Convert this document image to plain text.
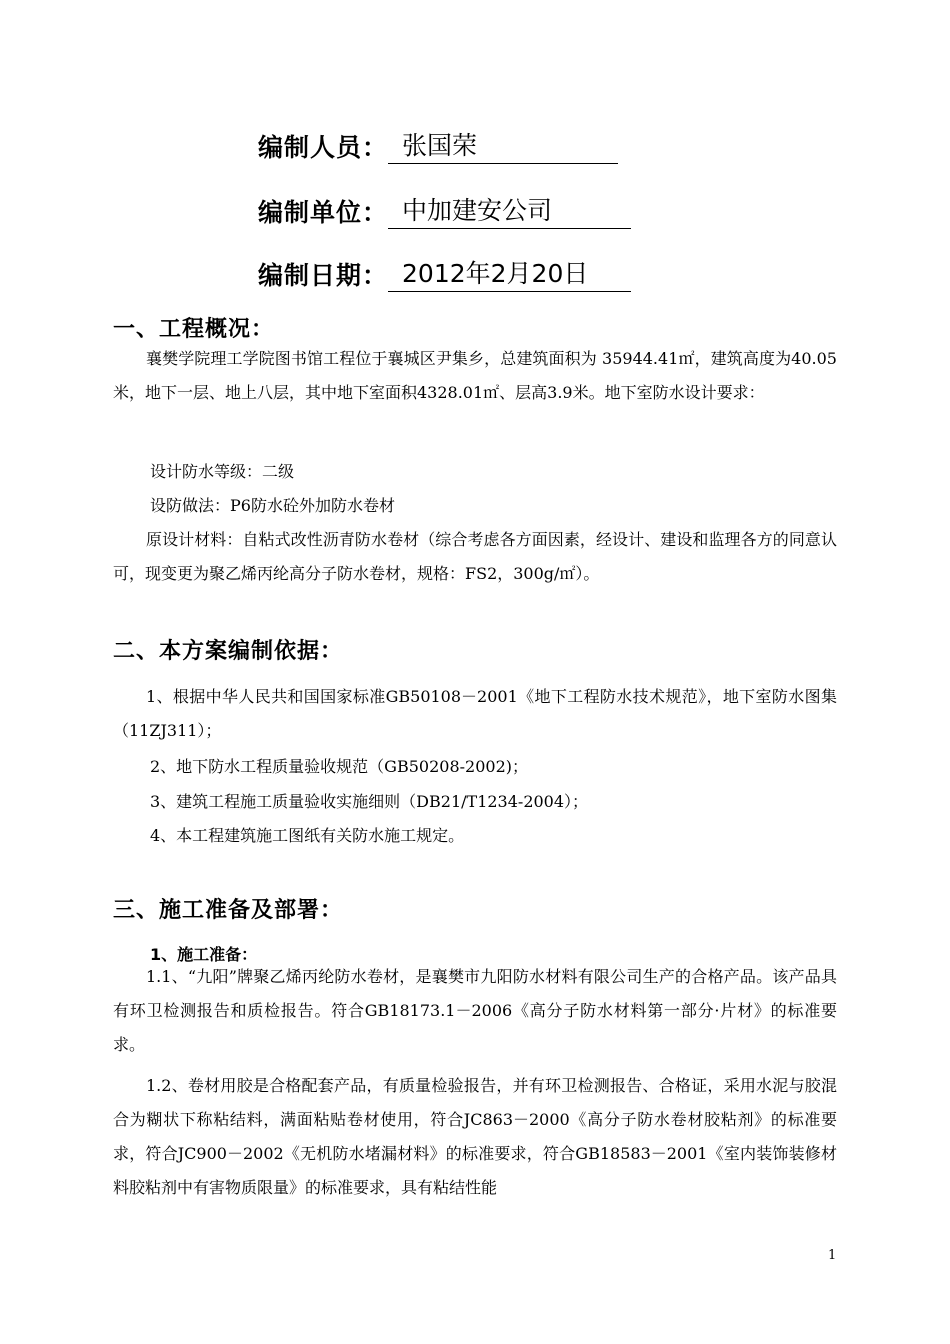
编制人员： 张国荣
编制单位： 中加建安公司
编制日期： 2012年2月20日
一、工程概况：
襄樊学院理工学院图书馆工程位于襄城区尹集乡，总建筑面积为 35944.41㎡，建筑高度为40.05米，地下一层、地上八层，其中地下室面积4328.01㎡、层高3.9米。地下室防水设计要求：
设计防水等级：二级
设防做法：P6防水砼外加防水卷材
原设计材料：自粘式改性沥青防水卷材（综合考虑各方面因素，经设计、建设和监理各方的同意认可，现变更为聚乙烯丙纶高分子防水卷材，规格：FS2，300g/㎡）。
二、本方案编制依据：
1、根据中华人民共和国国家标准GB50108－2001《地下工程防水技术规范》，地下室防水图集（11ZJ311）；
2、地下防水工程质量验收规范（GB50208-2002)；
3、建筑工程施工质量验收实施细则（DB21/T1234-2004）；
4、本工程建筑施工图纸有关防水施工规定。
三、施工准备及部署：
1、施工准备：
1.1、“九阳”牌聚乙烯丙纶防水卷材，是襄樊市九阳防水材料有限公司生产的合格产品。该产品具有环卫检测报告和质检报告。符合GB18173.1－2006《高分子防水材料第一部分·片材》的标准要求。
1.2、卷材用胶是合格配套产品，有质量检验报告，并有环卫检测报告、合格证，采用水泥与胶混合为糊状下称粘结料，满面粘贴卷材使用，符合JC863－2000《高分子防水卷材胶粘剂》的标准要求，符合JC900－2002《无机防水堵漏材料》的标准要求，符合GB18583－2001《室内装饰装修材料胶粘剂中有害物质限量》的标准要求，具有粘结性能
1
